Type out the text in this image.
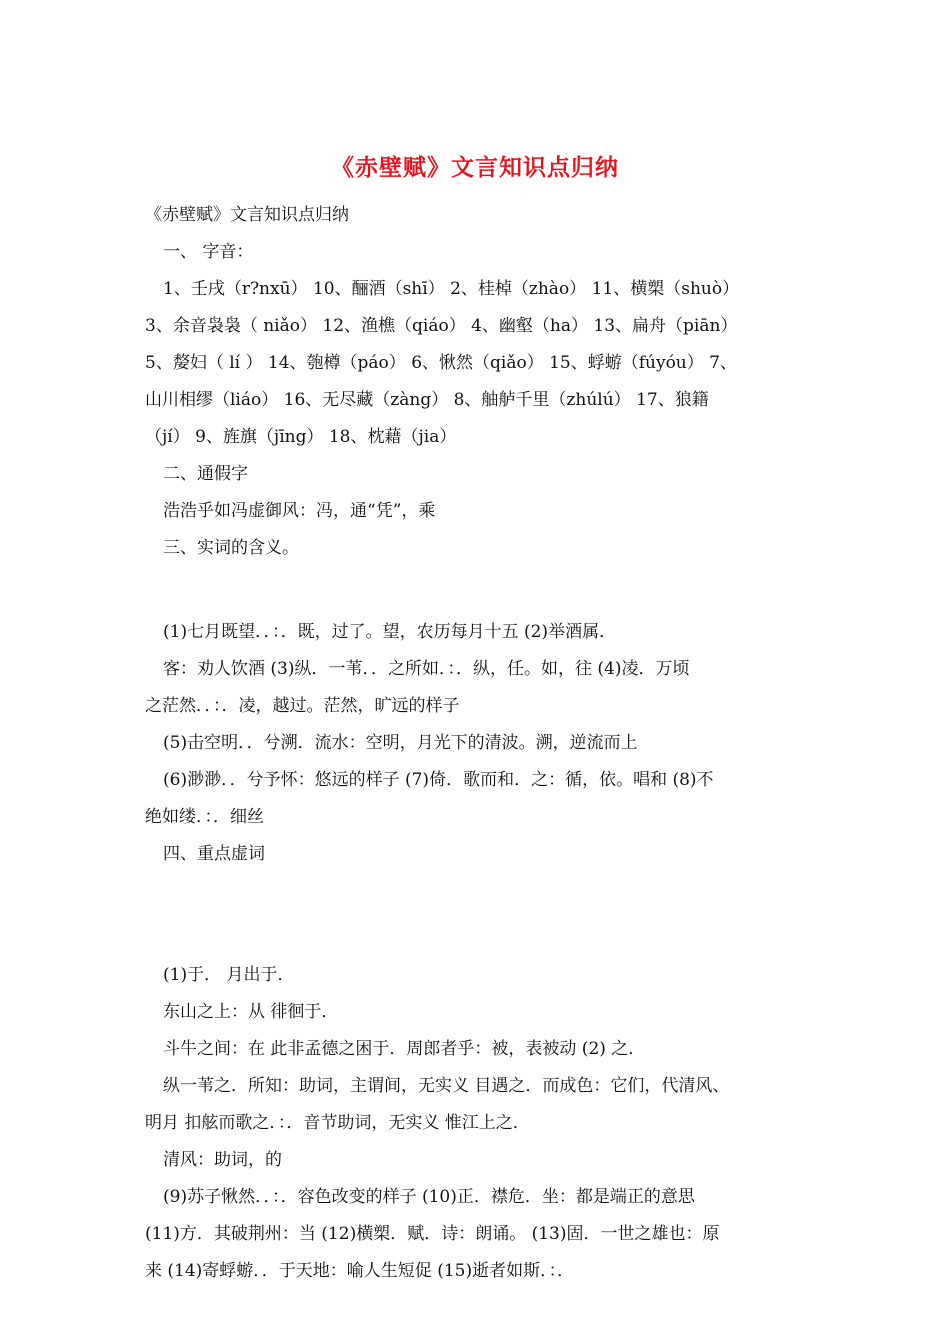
《赤壁赋》文言知识点归纳
《赤壁赋》文言知识点归纳
一、 字音：
1、壬戌（r?nxū） 10、酾酒（shī） 2、桂棹（zhào） 11、横槊（shuò）
3、余音袅袅（ niǎo） 12、渔樵（qiáo） 4、幽壑（ha） 13、扁舟（piān）
5、嫠妇（ lí ） 14、匏樽（páo） 6、愀然（qiǎo） 15、蜉蝣（fúyóu） 7、
山川相缪（liáo） 16、无尽藏（zàng） 8、舳舻千里（zhúlú） 17、狼籍
（jí） 9、旌旗（jīng） 18、枕藉（jia）
二、通假字
浩浩乎如冯虚御风：冯，通“凭”，乘
三、实词的含义。
(1)七月既望．．：．既，过了。望，农历每月十五 (2)举酒属．
客：劝人饮酒 (3)纵．一苇．．之所如．：．纵，任。如，往 (4)凌．万顷
之茫然．．：．凌，越过。茫然，旷远的样子
(5)击空明．．兮溯．流水：空明，月光下的清波。溯，逆流而上
(6)渺渺．．兮予怀：悠远的样子 (7)倚．歌而和．之：循，依。唱和 (8)不
绝如缕．：．细丝
四、重点虚词
(1)于． 月出于．
东山之上：从 徘徊于．
斗牛之间：在 此非孟德之困于．周郎者乎：被，表被动 (2) 之．
纵一苇之．所知：助词，主谓间，无实义 目遇之．而成色：它们，代清风、
明月 扣舷而歌之．：．音节助词，无实义 惟江上之．
清风：助词，的
(9)苏子愀然．．：．容色改变的样子 (10)正．襟危．坐：都是端正的意思
(11)方．其破荆州：当 (12)横槊．赋．诗：朗诵。 (13)固．一世之雄也：原
来 (14)寄蜉蝣．．于天地：喻人生短促 (15)逝者如斯．：．
